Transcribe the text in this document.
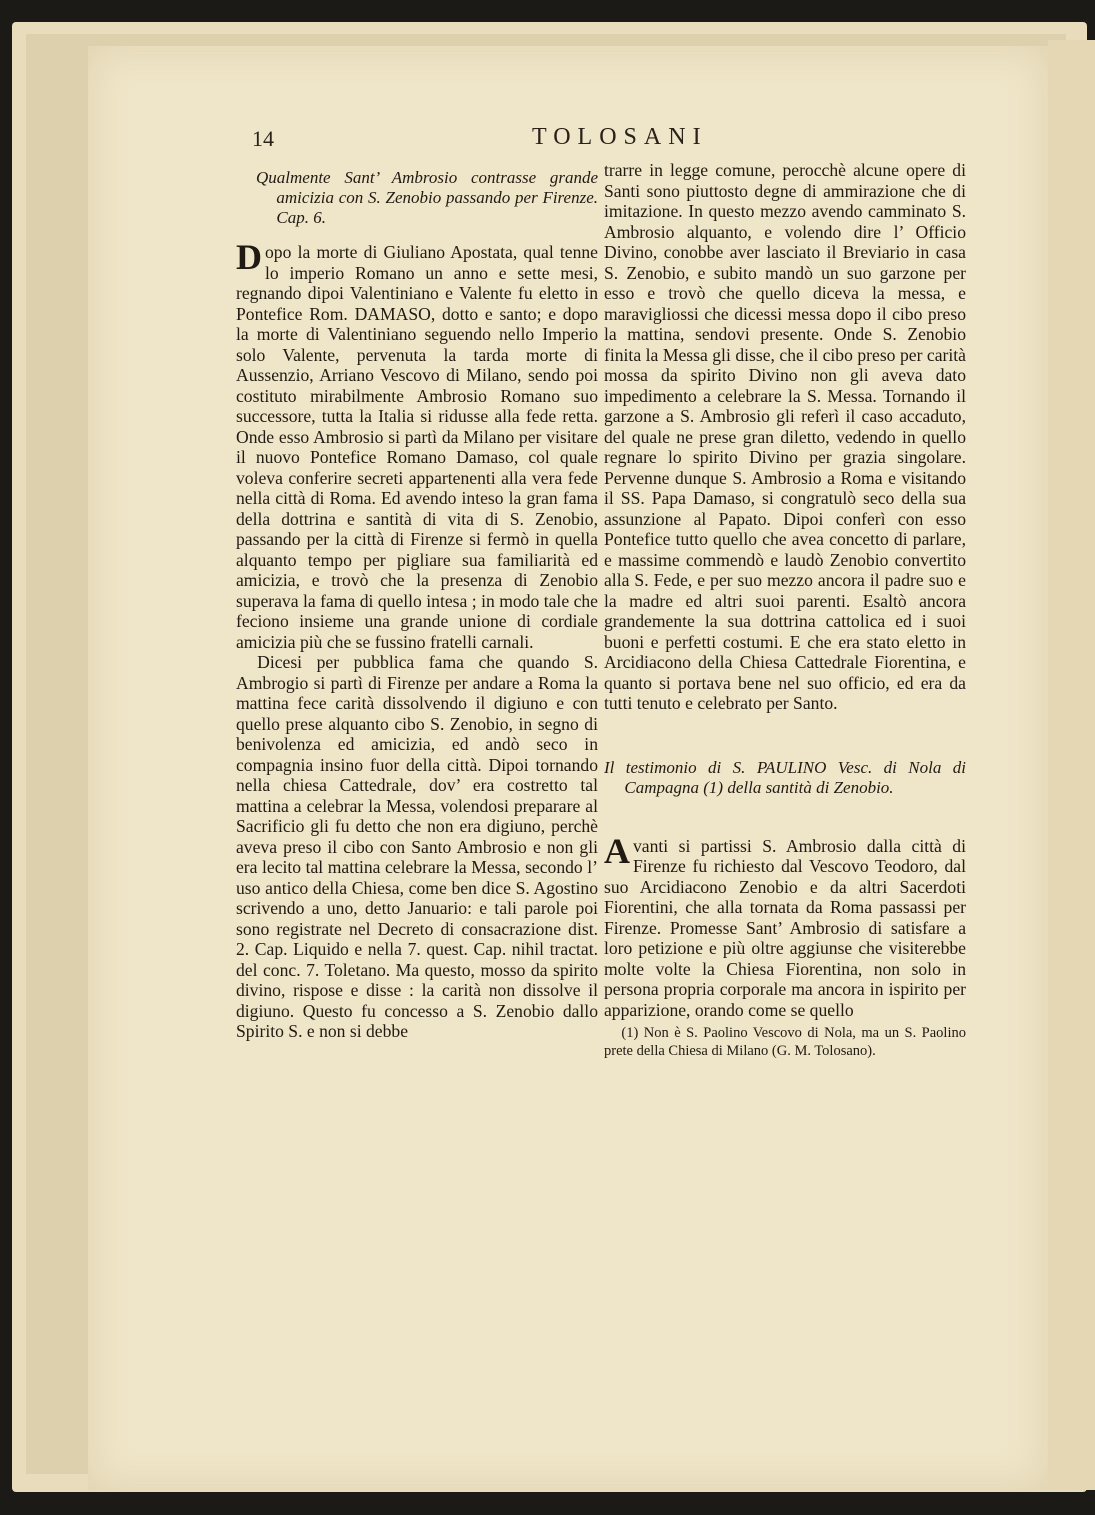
14	TOLOSANI

Qualmente Sant’ Ambrosio contrasse grande amicizia con S. Zenobio passando per Firenze. Cap. 6.

Dopo la morte di Giuliano Apostata, qual tenne lo imperio Romano un anno e sette mesi, regnando dipoi Valentiniano e Valente fu eletto in Pontefice Rom. DAMASO, dotto e santo; e dopo la morte di Valentiniano seguendo nello Imperio solo Valente, pervenuta la tarda morte di Aussenzio, Arriano Vescovo di Milano, sendo poi costituto mirabilmente Ambrosio Romano suo successore, tutta la Italia si ridusse alla fede retta. Onde esso Ambrosio si partì da Milano per visitare il nuovo Pontefice Romano Damaso, col quale voleva conferire secreti appartenenti alla vera fede nella città di Roma. Ed avendo inteso la gran fama della dottrina e santità di vita di S. Zenobio, passando per la città di Firenze si fermò in quella alquanto tempo per pigliare sua familiarità ed amicizia, e trovò che la presenza di Zenobio superava la fama di quello intesa ; in modo tale che feciono insieme una grande unione di cordiale amicizia più che se fussino fratelli carnali.

Dicesi per pubblica fama che quando S. Ambrogio si partì di Firenze per andare a Roma la mattina fece carità dissolvendo il digiuno e con quello prese alquanto cibo S. Zenobio, in segno di benivolenza ed amicizia, ed andò seco in compagnia insino fuor della città. Dipoi tornando nella chiesa Cattedrale, dov’ era costretto tal mattina a celebrar la Messa, volendosi preparare al Sacrificio gli fu detto che non era digiuno, perchè aveva preso il cibo con Santo Ambrosio e non gli era lecito tal mattina celebrare la Messa, secondo l’ uso antico della Chiesa, come ben dice S. Agostino scrivendo a uno, detto Januario: e tali parole poi sono registrate nel Decreto di consacrazione dist. 2. Cap. Liquido e nella 7. quest. Cap. nihil tractat. del conc. 7. Toletano. Ma questo, mosso da spirito divino, rispose e disse : la carità non dissolve il digiuno. Questo fu concesso a S. Zenobio dallo Spirito S. e non si debbe

trarre in legge comune, perocchè alcune opere di Santi sono piuttosto degne di ammirazione che di imitazione. In questo mezzo avendo camminato S. Ambrosio alquanto, e volendo dire l’ Officio Divino, conobbe aver lasciato il Breviario in casa S. Zenobio, e subito mandò un suo garzone per esso e trovò che quello diceva la messa, e maravigliossi che dicessi messa dopo il cibo preso la mattina, sendovi presente. Onde S. Zenobio finita la Messa gli disse, che il cibo preso per carità mossa da spirito Divino non gli aveva dato impedimento a celebrare la S. Messa. Tornando il garzone a S. Ambrosio gli referì il caso accaduto, del quale ne prese gran diletto, vedendo in quello regnare lo spirito Divino per grazia singolare. Pervenne dunque S. Ambrosio a Roma e visitando il SS. Papa Damaso, si congratulò seco della sua assunzione al Papato. Dipoi conferì con esso Pontefice tutto quello che avea concetto di parlare, e massime commendò e laudò Zenobio convertito alla S. Fede, e per suo mezzo ancora il padre suo e la madre ed altri suoi parenti. Esaltò ancora grandemente la sua dottrina cattolica ed i suoi buoni e perfetti costumi. E che era stato eletto in Arcidiacono della Chiesa Cattedrale Fiorentina, e quanto si portava bene nel suo officio, ed era da tutti tenuto e celebrato per Santo.

Il testimonio di S. PAULINO Vesc. di Nola di Campagna (1) della santità di Zenobio.

Avanti si partissi S. Ambrosio dalla città di Firenze fu richiesto dal Vescovo Teodoro, dal suo Arcidiacono Zenobio e da altri Sacerdoti Fiorentini, che alla tornata da Roma passassi per Firenze. Promesse Sant’ Ambrosio di satisfare a loro petizione e più oltre aggiunse che visiterebbe molte volte la Chiesa Fiorentina, non solo in persona propria corporale ma ancora in ispirito per apparizione, orando come se quello

(1) Non è S. Paolino Vescovo di Nola, ma un S. Paolino prete della Chiesa di Milano (G. M. Tolosano).
